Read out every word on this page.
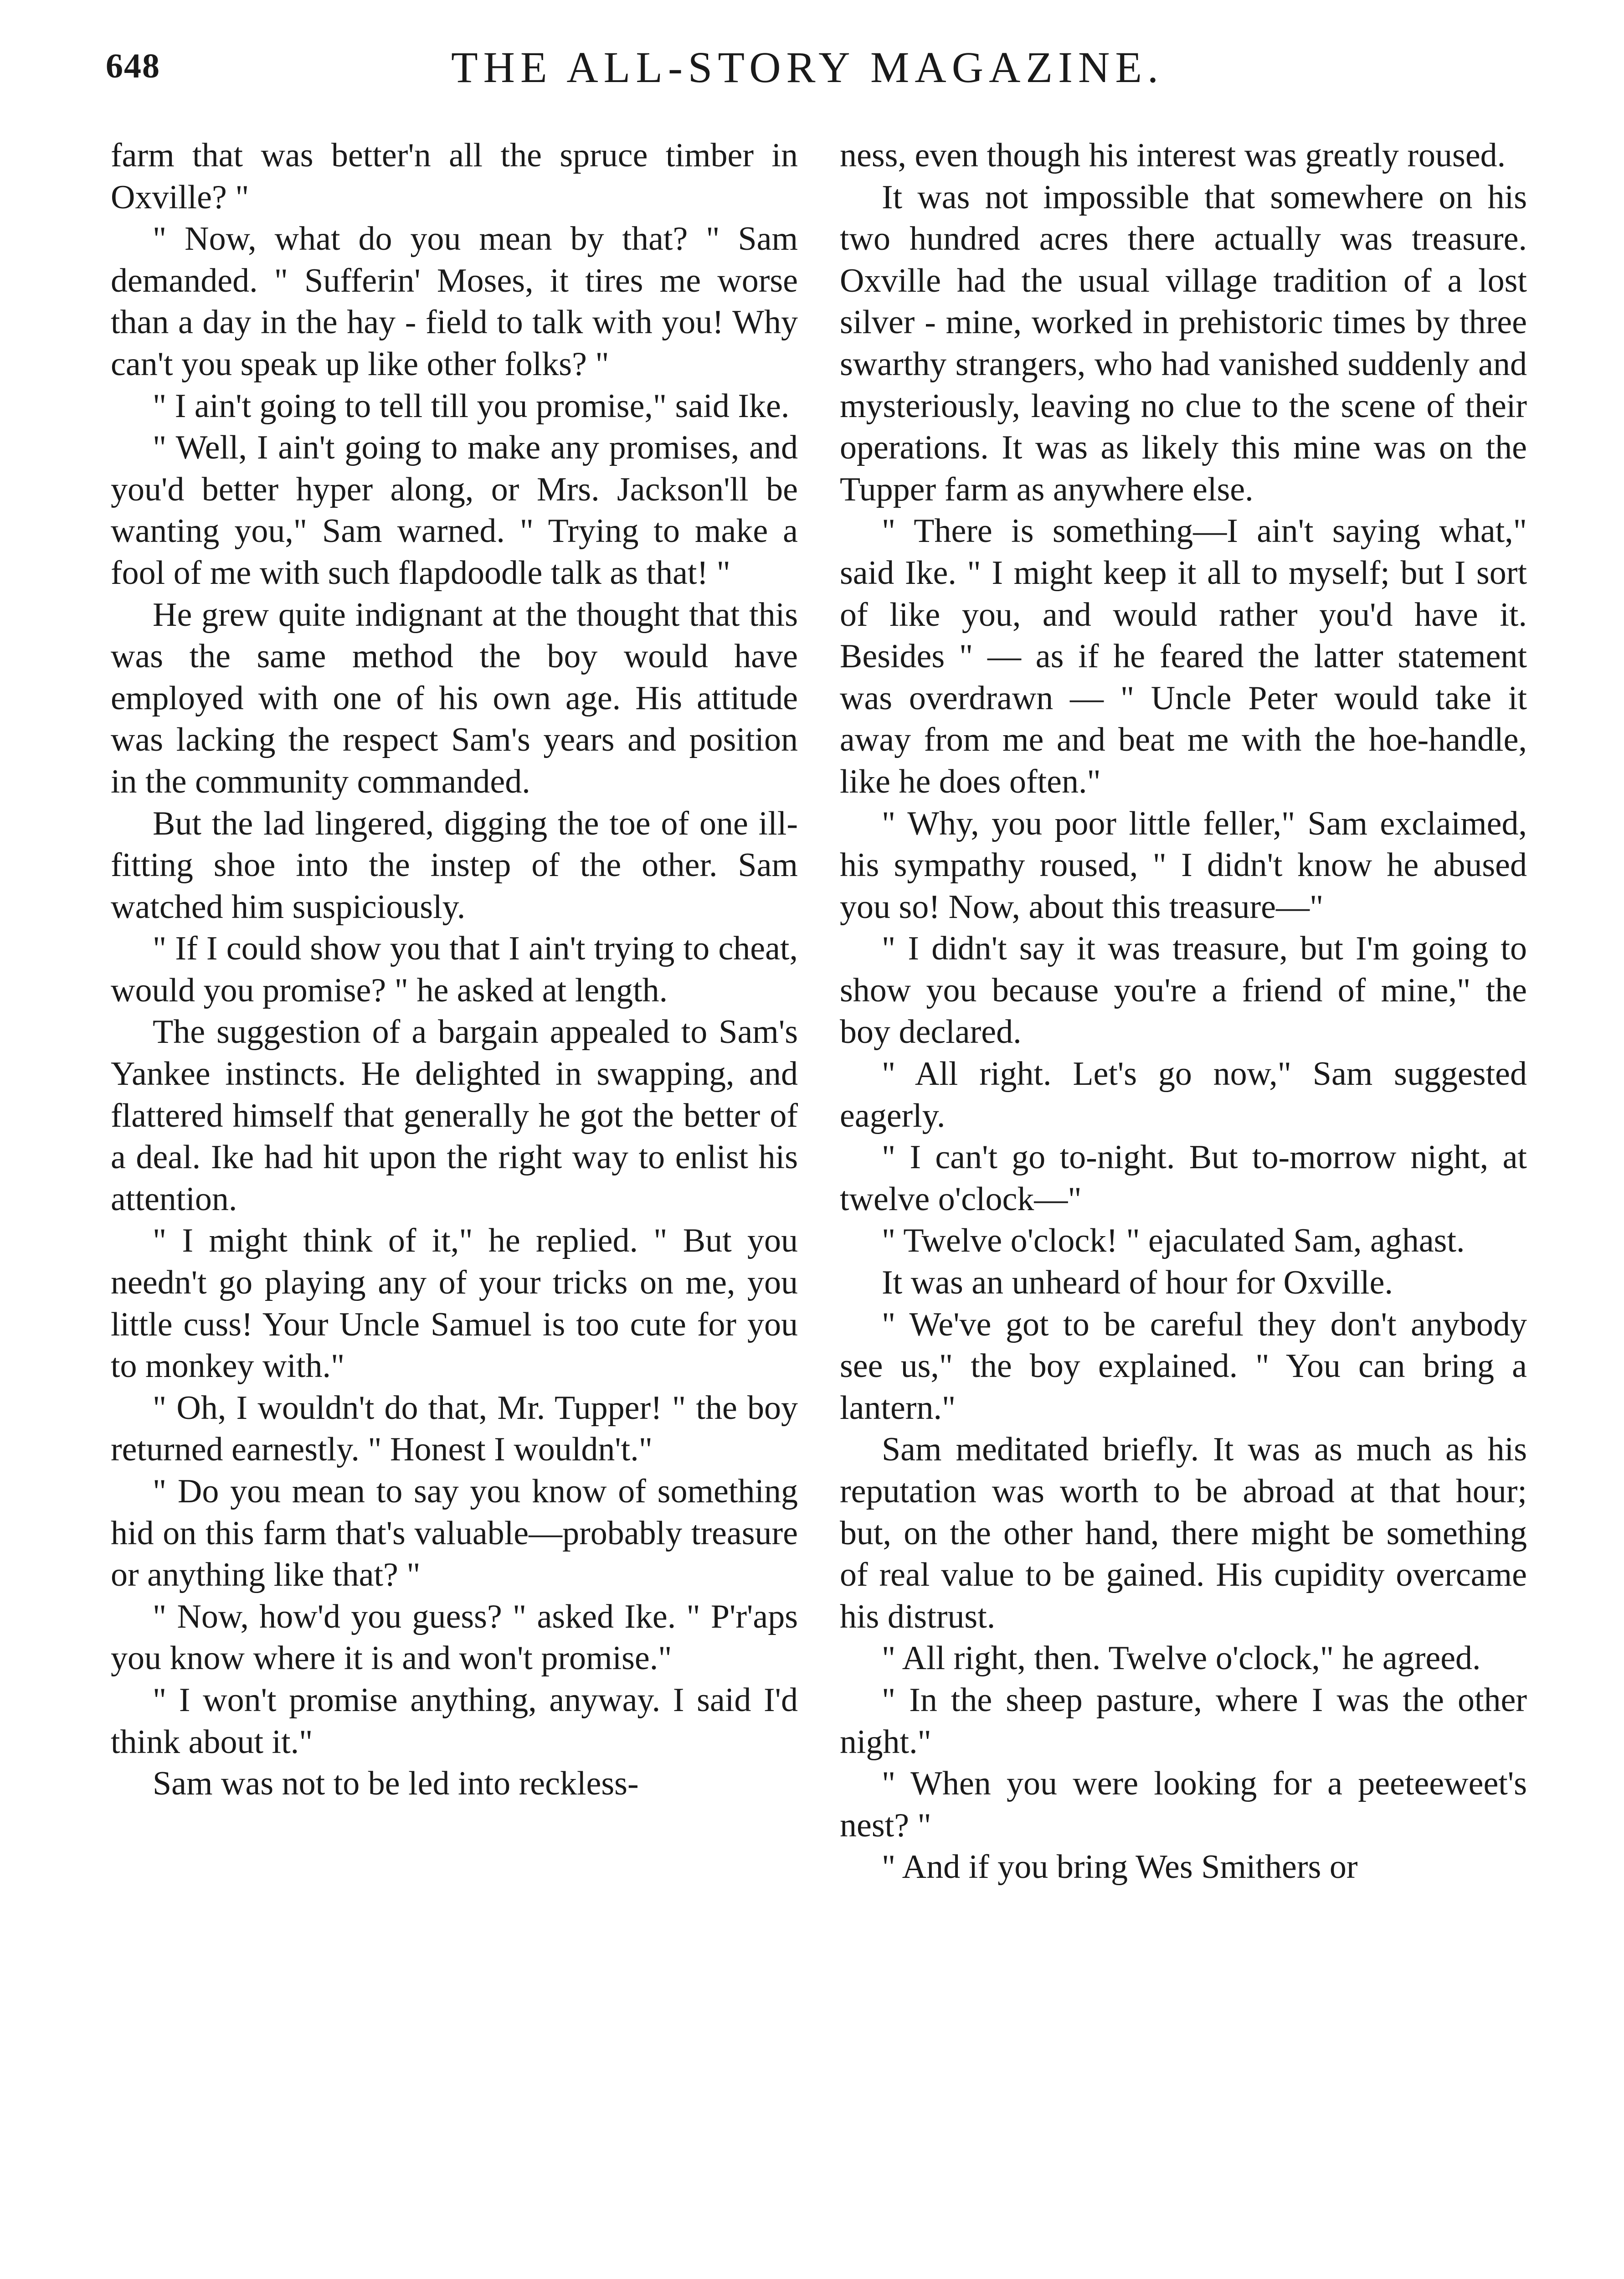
648	THE ALL-STORY MAGAZINE.

farm that was better'n all the spruce timber in Oxville? "

" Now, what do you mean by that? " Sam demanded. " Sufferin' Moses, it tires me worse than a day in the hay - field to talk with you! Why can't you speak up like other folks? "

" I ain't going to tell till you promise," said Ike.

" Well, I ain't going to make any promises, and you'd better hyper along, or Mrs. Jackson'll be wanting you," Sam warned. " Trying to make a fool of me with such flapdoodle talk as that! "

He grew quite indignant at the thought that this was the same method the boy would have employed with one of his own age. His attitude was lacking the respect Sam's years and position in the community commanded.

But the lad lingered, digging the toe of one ill-fitting shoe into the instep of the other. Sam watched him suspiciously.

" If I could show you that I ain't trying to cheat, would you promise? " he asked at length.

The suggestion of a bargain appealed to Sam's Yankee instincts. He delighted in swapping, and flattered himself that generally he got the better of a deal. Ike had hit upon the right way to enlist his attention.

" I might think of it," he replied. " But you needn't go playing any of your tricks on me, you little cuss! Your Uncle Samuel is too cute for you to monkey with."

" Oh, I wouldn't do that, Mr. Tupper! " the boy returned earnestly. " Honest I wouldn't."

" Do you mean to say you know of something hid on this farm that's valuable—probably treasure or anything like that? "

" Now, how'd you guess? " asked Ike. " P'r'aps you know where it is and won't promise."

" I won't promise anything, anyway. I said I'd think about it."

Sam was not to be led into reckless-

ness, even though his interest was greatly roused.

It was not impossible that somewhere on his two hundred acres there actually was treasure. Oxville had the usual village tradition of a lost silver - mine, worked in prehistoric times by three swarthy strangers, who had vanished suddenly and mysteriously, leaving no clue to the scene of their operations. It was as likely this mine was on the Tupper farm as anywhere else.

" There is something—I ain't saying what," said Ike. " I might keep it all to myself; but I sort of like you, and would rather you'd have it. Besides " — as if he feared the latter statement was overdrawn — " Uncle Peter would take it away from me and beat me with the hoe-handle, like he does often."

" Why, you poor little feller," Sam exclaimed, his sympathy roused, " I didn't know he abused you so! Now, about this treasure—"

" I didn't say it was treasure, but I'm going to show you because you're a friend of mine," the boy declared.

" All right. Let's go now," Sam suggested eagerly.

" I can't go to-night. But to-morrow night, at twelve o'clock—"

" Twelve o'clock! " ejaculated Sam, aghast.

It was an unheard of hour for Oxville.

" We've got to be careful they don't anybody see us," the boy explained. " You can bring a lantern."

Sam meditated briefly. It was as much as his reputation was worth to be abroad at that hour; but, on the other hand, there might be something of real value to be gained. His cupidity overcame his distrust.

" All right, then. Twelve o'clock," he agreed.

" In the sheep pasture, where I was the other night."

" When you were looking for a peeteeweet's nest? "

" And if you bring Wes Smithers or
